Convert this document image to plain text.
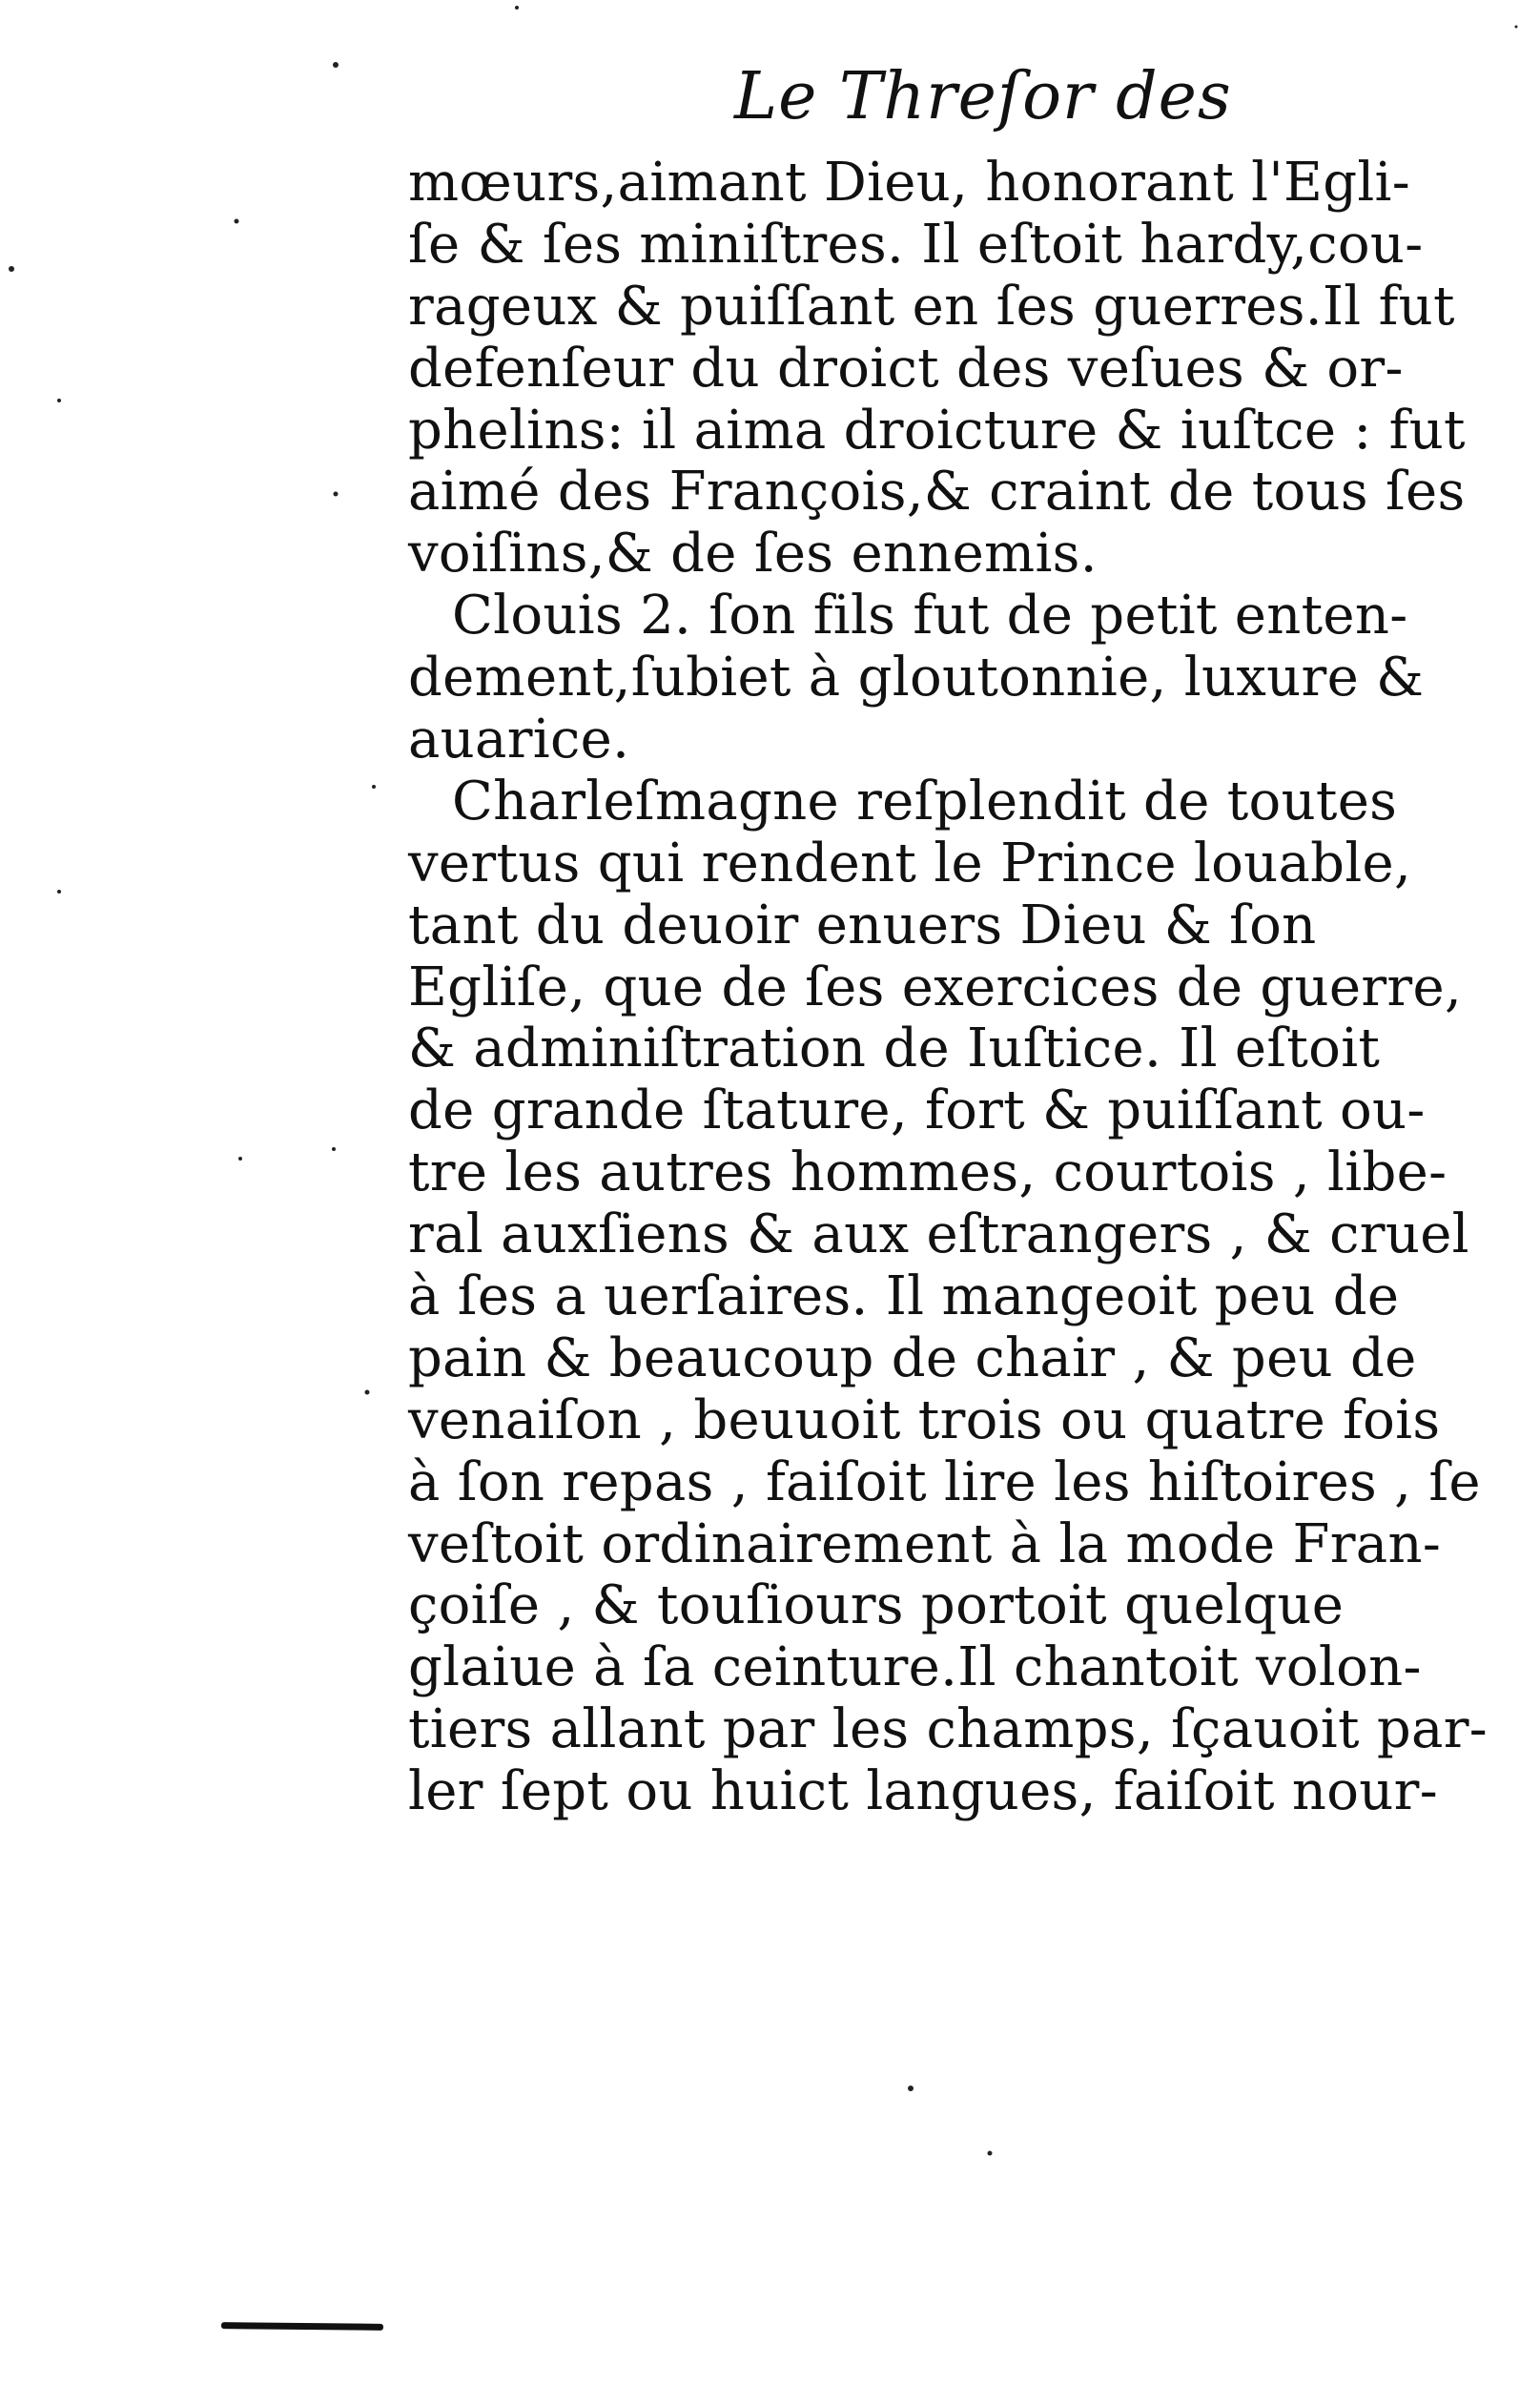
Le Threſor des
mœurs,aimant Dieu, honorant l'Egli-
ſe & ſes miniſtres. Il eſtoit hardy,cou-
rageux & puiſſant en ſes guerres.Il fut
defenſeur du droict des veſues & or-
phelins: il aima droicture & iuſtce : fut
aimé des François,& craint de tous ſes
voiſins,& de ſes ennemis.
Clouis 2. ſon fils fut de petit enten-
dement,ſubiet à gloutonnie, luxure &
auarice.
Charleſmagne reſplendit de toutes
vertus qui rendent le Prince louable,
tant du deuoir enuers Dieu & ſon
Egliſe, que de ſes exercices de guerre,
& adminiſtration de Iuſtice. Il eſtoit
de grande ſtature, fort & puiſſant ou-
tre les autres hommes, courtois , libe-
ral auxſiens & aux eſtrangers , & cruel
à ſes a uerſaires. Il mangeoit peu de
pain & beaucoup de chair , & peu de
venaiſon , beuuoit trois ou quatre fois
à ſon repas , faiſoit lire les hiſtoires , ſe
veſtoit ordinairement à la mode Fran-
çoiſe , & touſiours portoit quelque
glaiue à ſa ceinture.Il chantoit volon-
tiers allant par les champs, ſçauoit par-
ler ſept ou huict langues, faiſoit nour-
